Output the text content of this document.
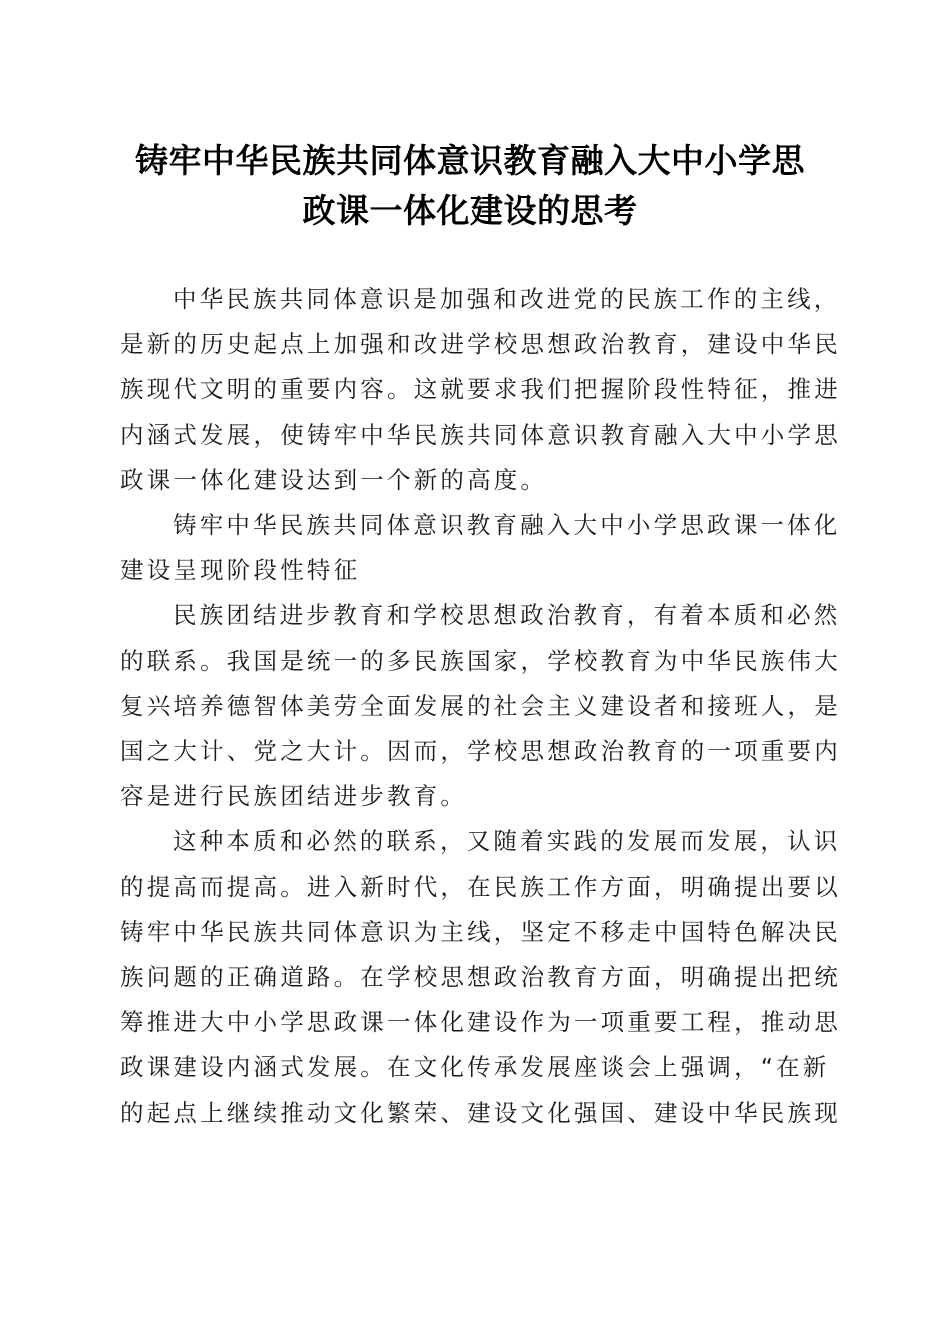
铸牢中华民族共同体意识教育融入大中小学思
政课一体化建设的思考

中华民族共同体意识是加强和改进党的民族工作的主线，
是新的历史起点上加强和改进学校思想政治教育，建设中华民
族现代文明的重要内容。这就要求我们把握阶段性特征，推进
内涵式发展，使铸牢中华民族共同体意识教育融入大中小学思
政课一体化建设达到一个新的高度。

铸牢中华民族共同体意识教育融入大中小学思政课一体化
建设呈现阶段性特征

民族团结进步教育和学校思想政治教育，有着本质和必然
的联系。我国是统一的多民族国家，学校教育为中华民族伟大
复兴培养德智体美劳全面发展的社会主义建设者和接班人，是
国之大计、党之大计。因而，学校思想政治教育的一项重要内
容是进行民族团结进步教育。

这种本质和必然的联系，又随着实践的发展而发展，认识
的提高而提高。进入新时代，在民族工作方面，明确提出要以
铸牢中华民族共同体意识为主线，坚定不移走中国特色解决民
族问题的正确道路。在学校思想政治教育方面，明确提出把统
筹推进大中小学思政课一体化建设作为一项重要工程，推动思
政课建设内涵式发展。在文化传承发展座谈会上强调，“在新
的起点上继续推动文化繁荣、建设文化强国、建设中华民族现
